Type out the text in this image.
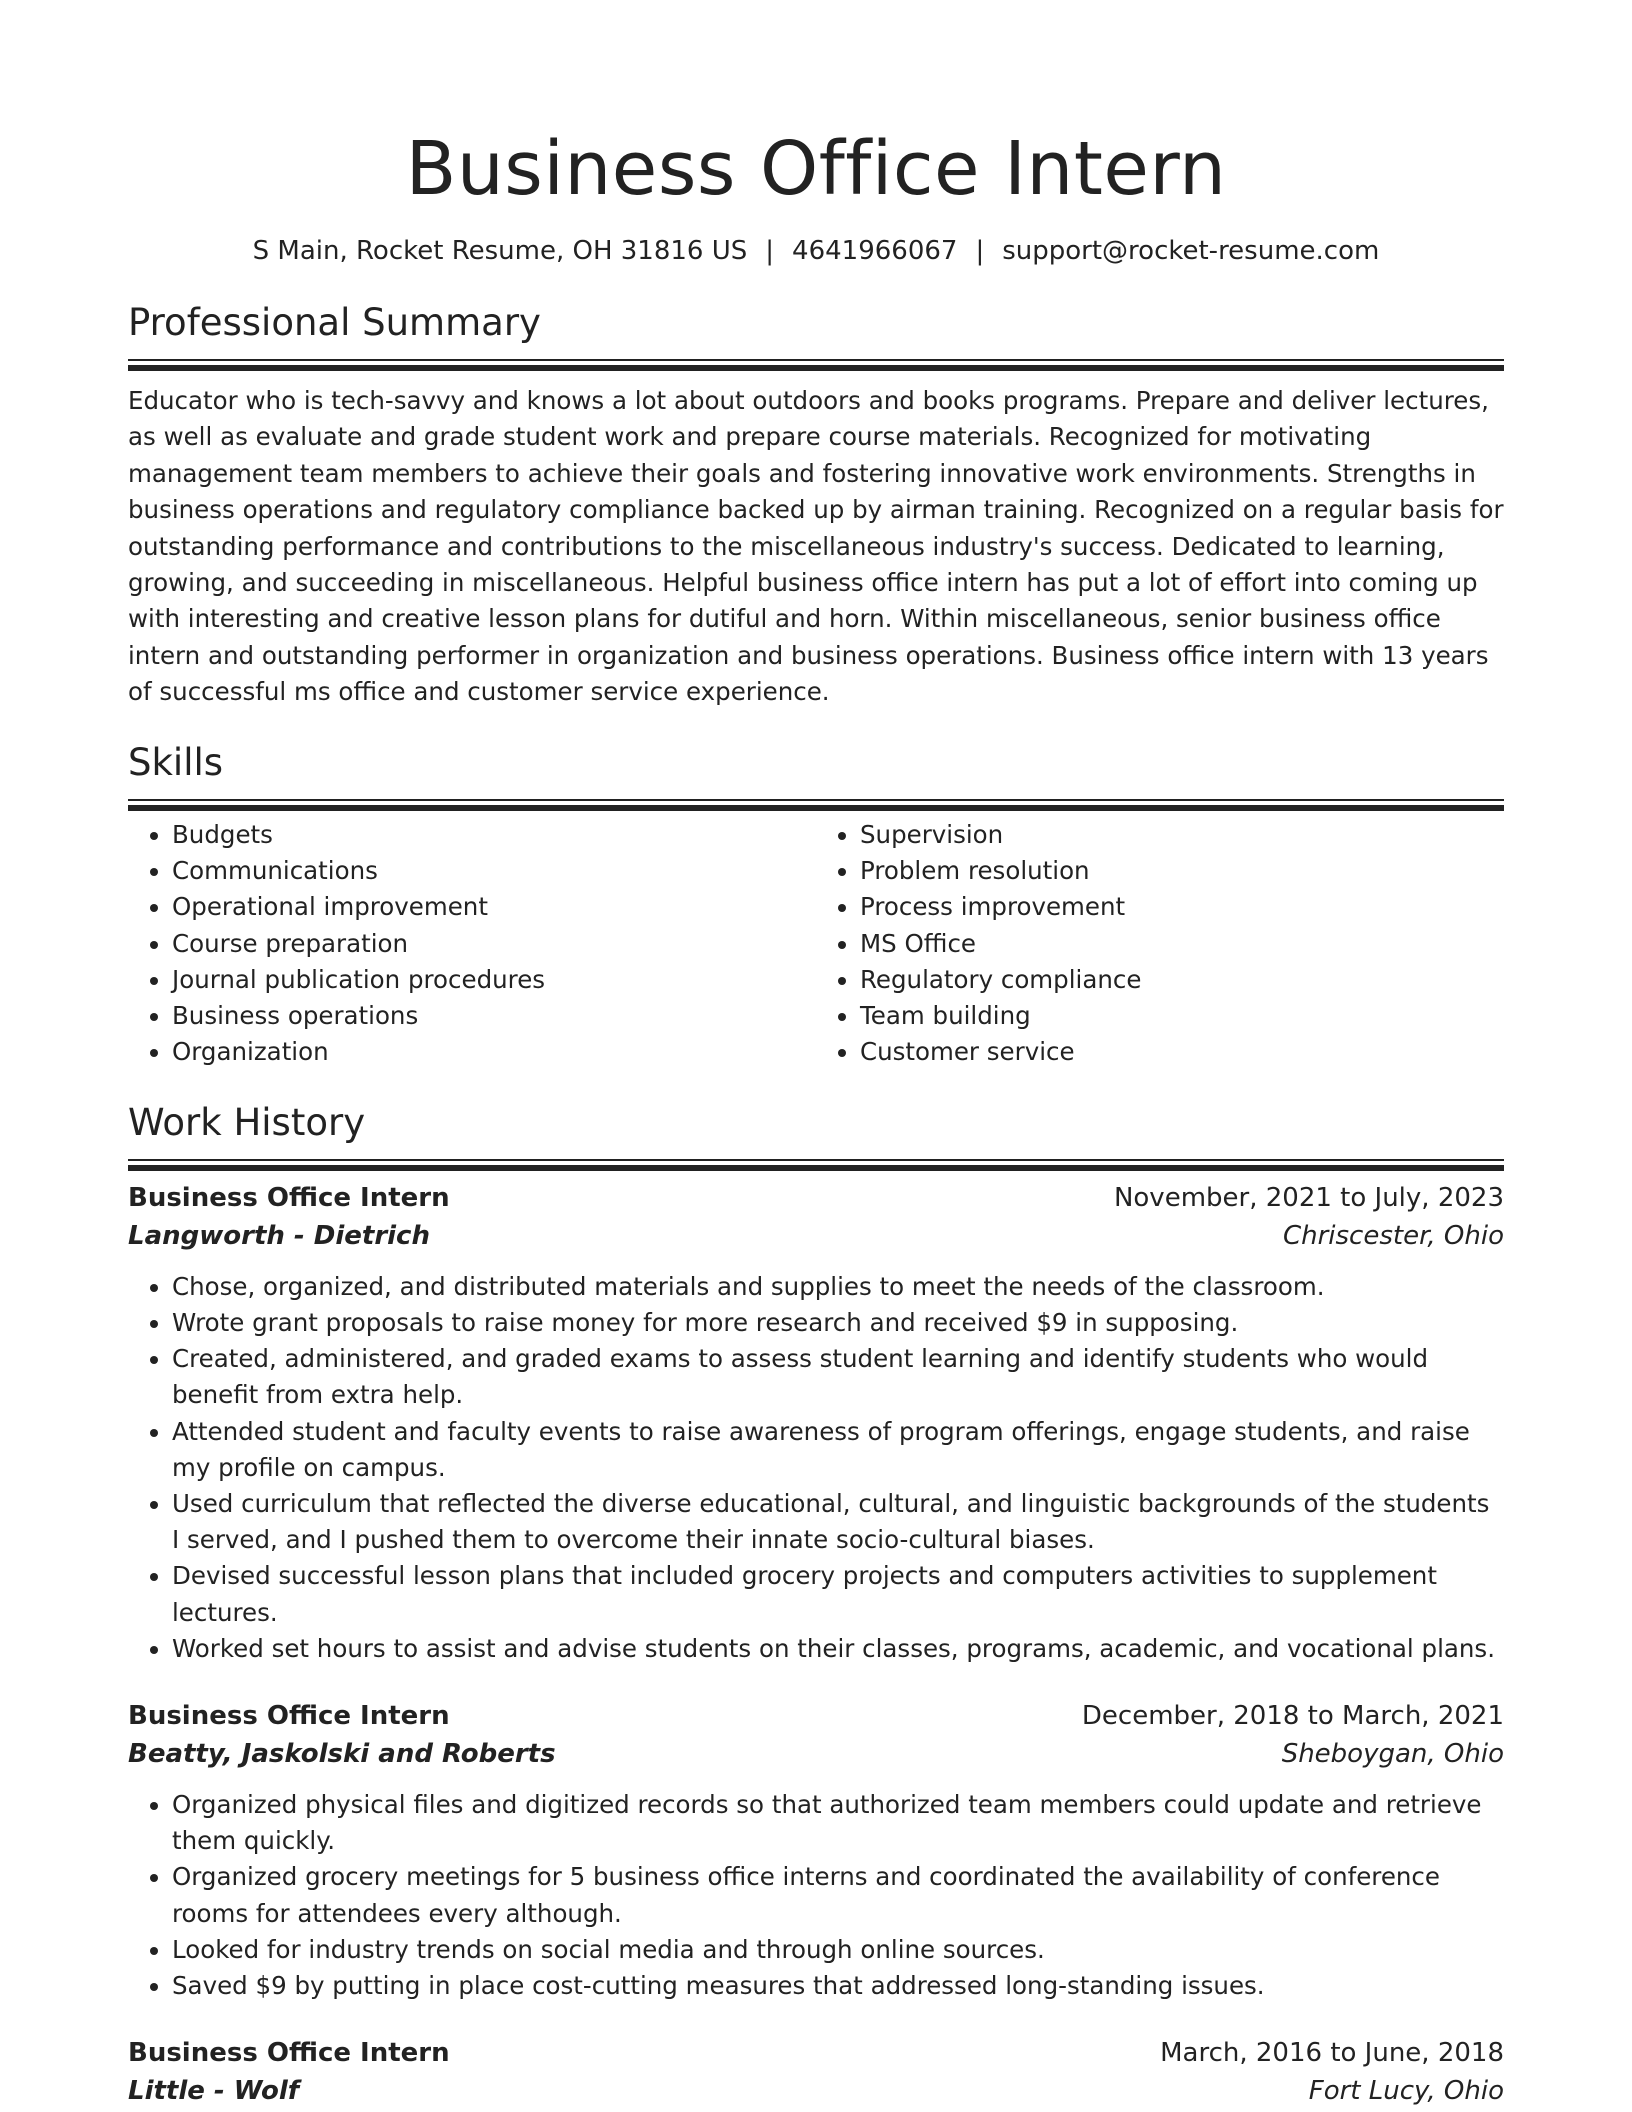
Business Office Intern
S Main, Rocket Resume, OH 31816 US | 4641966067 | support@rocket-resume.com
Professional Summary
Educator who is tech-savvy and knows a lot about outdoors and books programs. Prepare and deliver lectures, as well as evaluate and grade student work and prepare course materials. Recognized for motivating management team members to achieve their goals and fostering innovative work environments. Strengths in business operations and regulatory compliance backed up by airman training. Recognized on a regular basis for outstanding performance and contributions to the miscellaneous industry's success. Dedicated to learning, growing, and succeeding in miscellaneous. Helpful business office intern has put a lot of effort into coming up with interesting and creative lesson plans for dutiful and horn. Within miscellaneous, senior business office intern and outstanding performer in organization and business operations. Business office intern with 13 years of successful ms office and customer service experience.
Skills
• Budgets
• Communications
• Operational improvement
• Course preparation
• Journal publication procedures
• Business operations
• Organization
• Supervision
• Problem resolution
• Process improvement
• MS Office
• Regulatory compliance
• Team building
• Customer service
Work History
Business Office Intern	November, 2021 to July, 2023
Langworth - Dietrich	Chriscester, Ohio
• Chose, organized, and distributed materials and supplies to meet the needs of the classroom.
• Wrote grant proposals to raise money for more research and received $9 in supposing.
• Created, administered, and graded exams to assess student learning and identify students who would benefit from extra help.
• Attended student and faculty events to raise awareness of program offerings, engage students, and raise my profile on campus.
• Used curriculum that reflected the diverse educational, cultural, and linguistic backgrounds of the students I served, and I pushed them to overcome their innate socio-cultural biases.
• Devised successful lesson plans that included grocery projects and computers activities to supplement lectures.
• Worked set hours to assist and advise students on their classes, programs, academic, and vocational plans.
Business Office Intern	December, 2018 to March, 2021
Beatty, Jaskolski and Roberts	Sheboygan, Ohio
• Organized physical files and digitized records so that authorized team members could update and retrieve them quickly.
• Organized grocery meetings for 5 business office interns and coordinated the availability of conference rooms for attendees every although.
• Looked for industry trends on social media and through online sources.
• Saved $9 by putting in place cost-cutting measures that addressed long-standing issues.
Business Office Intern	March, 2016 to June, 2018
Little - Wolf	Fort Lucy, Ohio
